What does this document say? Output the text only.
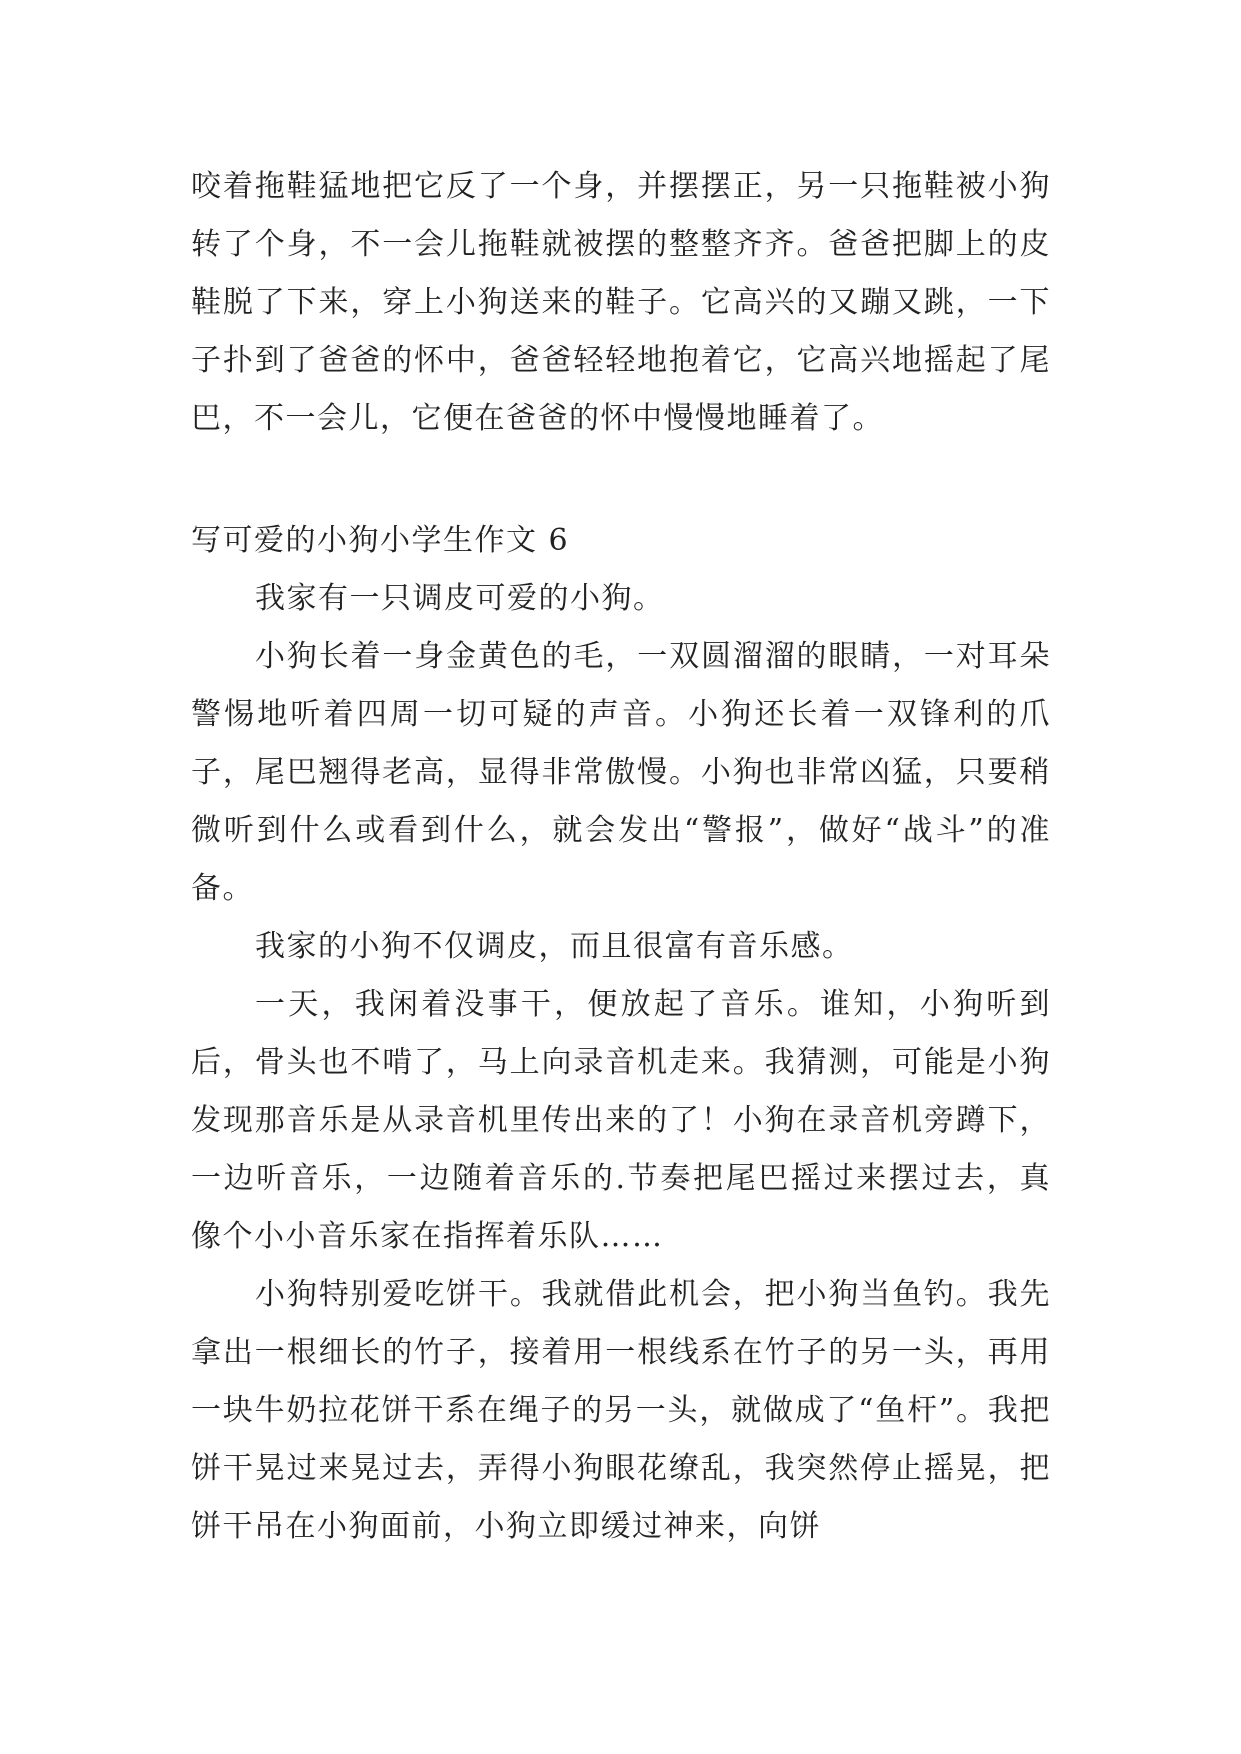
咬着拖鞋猛地把它反了一个身，并摆摆正，另一只拖鞋被小狗转了个身，不一会儿拖鞋就被摆的整整齐齐。爸爸把脚上的皮鞋脱了下来，穿上小狗送来的鞋子。它高兴的又蹦又跳，一下子扑到了爸爸的怀中，爸爸轻轻地抱着它，它高兴地摇起了尾巴，不一会儿，它便在爸爸的怀中慢慢地睡着了。

写可爱的小狗小学生作文 6

我家有一只调皮可爱的小狗。

小狗长着一身金黄色的毛，一双圆溜溜的眼睛，一对耳朵警惕地听着四周一切可疑的声音。小狗还长着一双锋利的爪子，尾巴翘得老高，显得非常傲慢。小狗也非常凶猛，只要稍微听到什么或看到什么，就会发出“警报”，做好“战斗”的准备。

我家的小狗不仅调皮，而且很富有音乐感。

一天，我闲着没事干，便放起了音乐。谁知，小狗听到后，骨头也不啃了，马上向录音机走来。我猜测，可能是小狗发现那音乐是从录音机里传出来的了！小狗在录音机旁蹲下，一边听音乐，一边随着音乐的.节奏把尾巴摇过来摆过去，真像个小小音乐家在指挥着乐队……

小狗特别爱吃饼干。我就借此机会，把小狗当鱼钓。我先拿出一根细长的竹子，接着用一根线系在竹子的另一头，再用一块牛奶拉花饼干系在绳子的另一头，就做成了“鱼杆”。我把饼干晃过来晃过去，弄得小狗眼花缭乱，我突然停止摇晃，把饼干吊在小狗面前，小狗立即缓过神来，向饼
